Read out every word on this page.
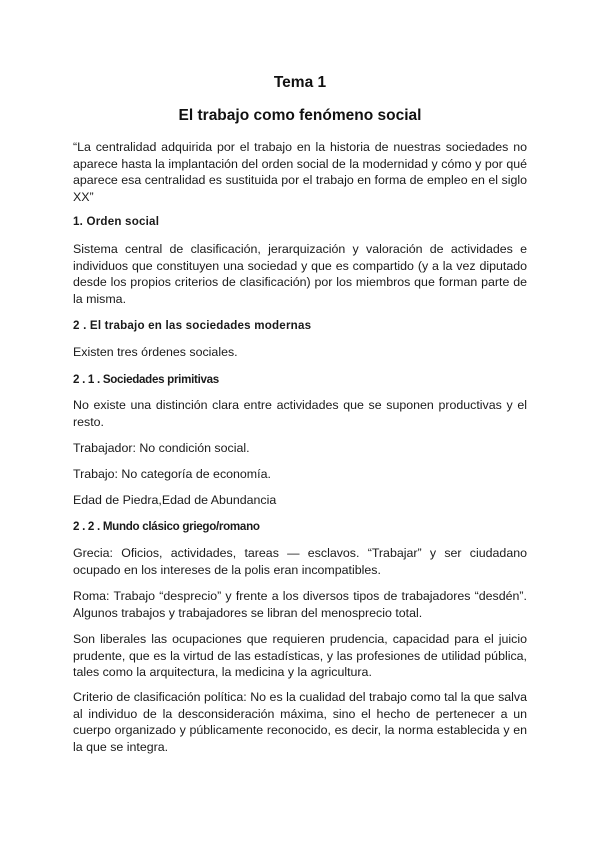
Tema 1
El trabajo como fenómeno social

“La centralidad adquirida por el trabajo en la historia de nuestras sociedades no aparece hasta la implantación del orden social de la modernidad y cómo y por qué aparece esa centralidad es sustituida por el trabajo en forma de empleo en el siglo XX”

1. Orden social

Sistema central de clasificación, jerarquización y valoración de actividades e individuos que constituyen una sociedad y que es compartido (y a la vez diputado desde los propios criterios de clasificación) por los miembros que forman parte de la misma.

2 . El trabajo en las sociedades modernas

Existen tres órdenes sociales.

2 . 1 . Sociedades primitivas

No existe una distinción clara entre actividades que se suponen productivas y el resto.

Trabajador: No condición social.

Trabajo: No categoría de economía.

Edad de Piedra,Edad de Abundancia

2 . 2 . Mundo clásico griego/romano

Grecia: Oficios, actividades, tareas — esclavos. “Trabajar” y ser ciudadano ocupado en los intereses de la polis eran incompatibles.

Roma: Trabajo “desprecio” y frente a los diversos tipos de trabajadores “desdén”. Algunos trabajos y trabajadores se libran del menosprecio total.

Son liberales las ocupaciones que requieren prudencia, capacidad para el juicio prudente, que es la virtud de las estadísticas, y las profesiones de utilidad pública, tales como la arquitectura, la medicina y la agricultura.

Criterio de clasificación política: No es la cualidad del trabajo como tal la que salva al individuo de la desconsideración máxima, sino el hecho de pertenecer a un cuerpo organizado y públicamente reconocido, es decir, la norma establecida y en la que se integra.
